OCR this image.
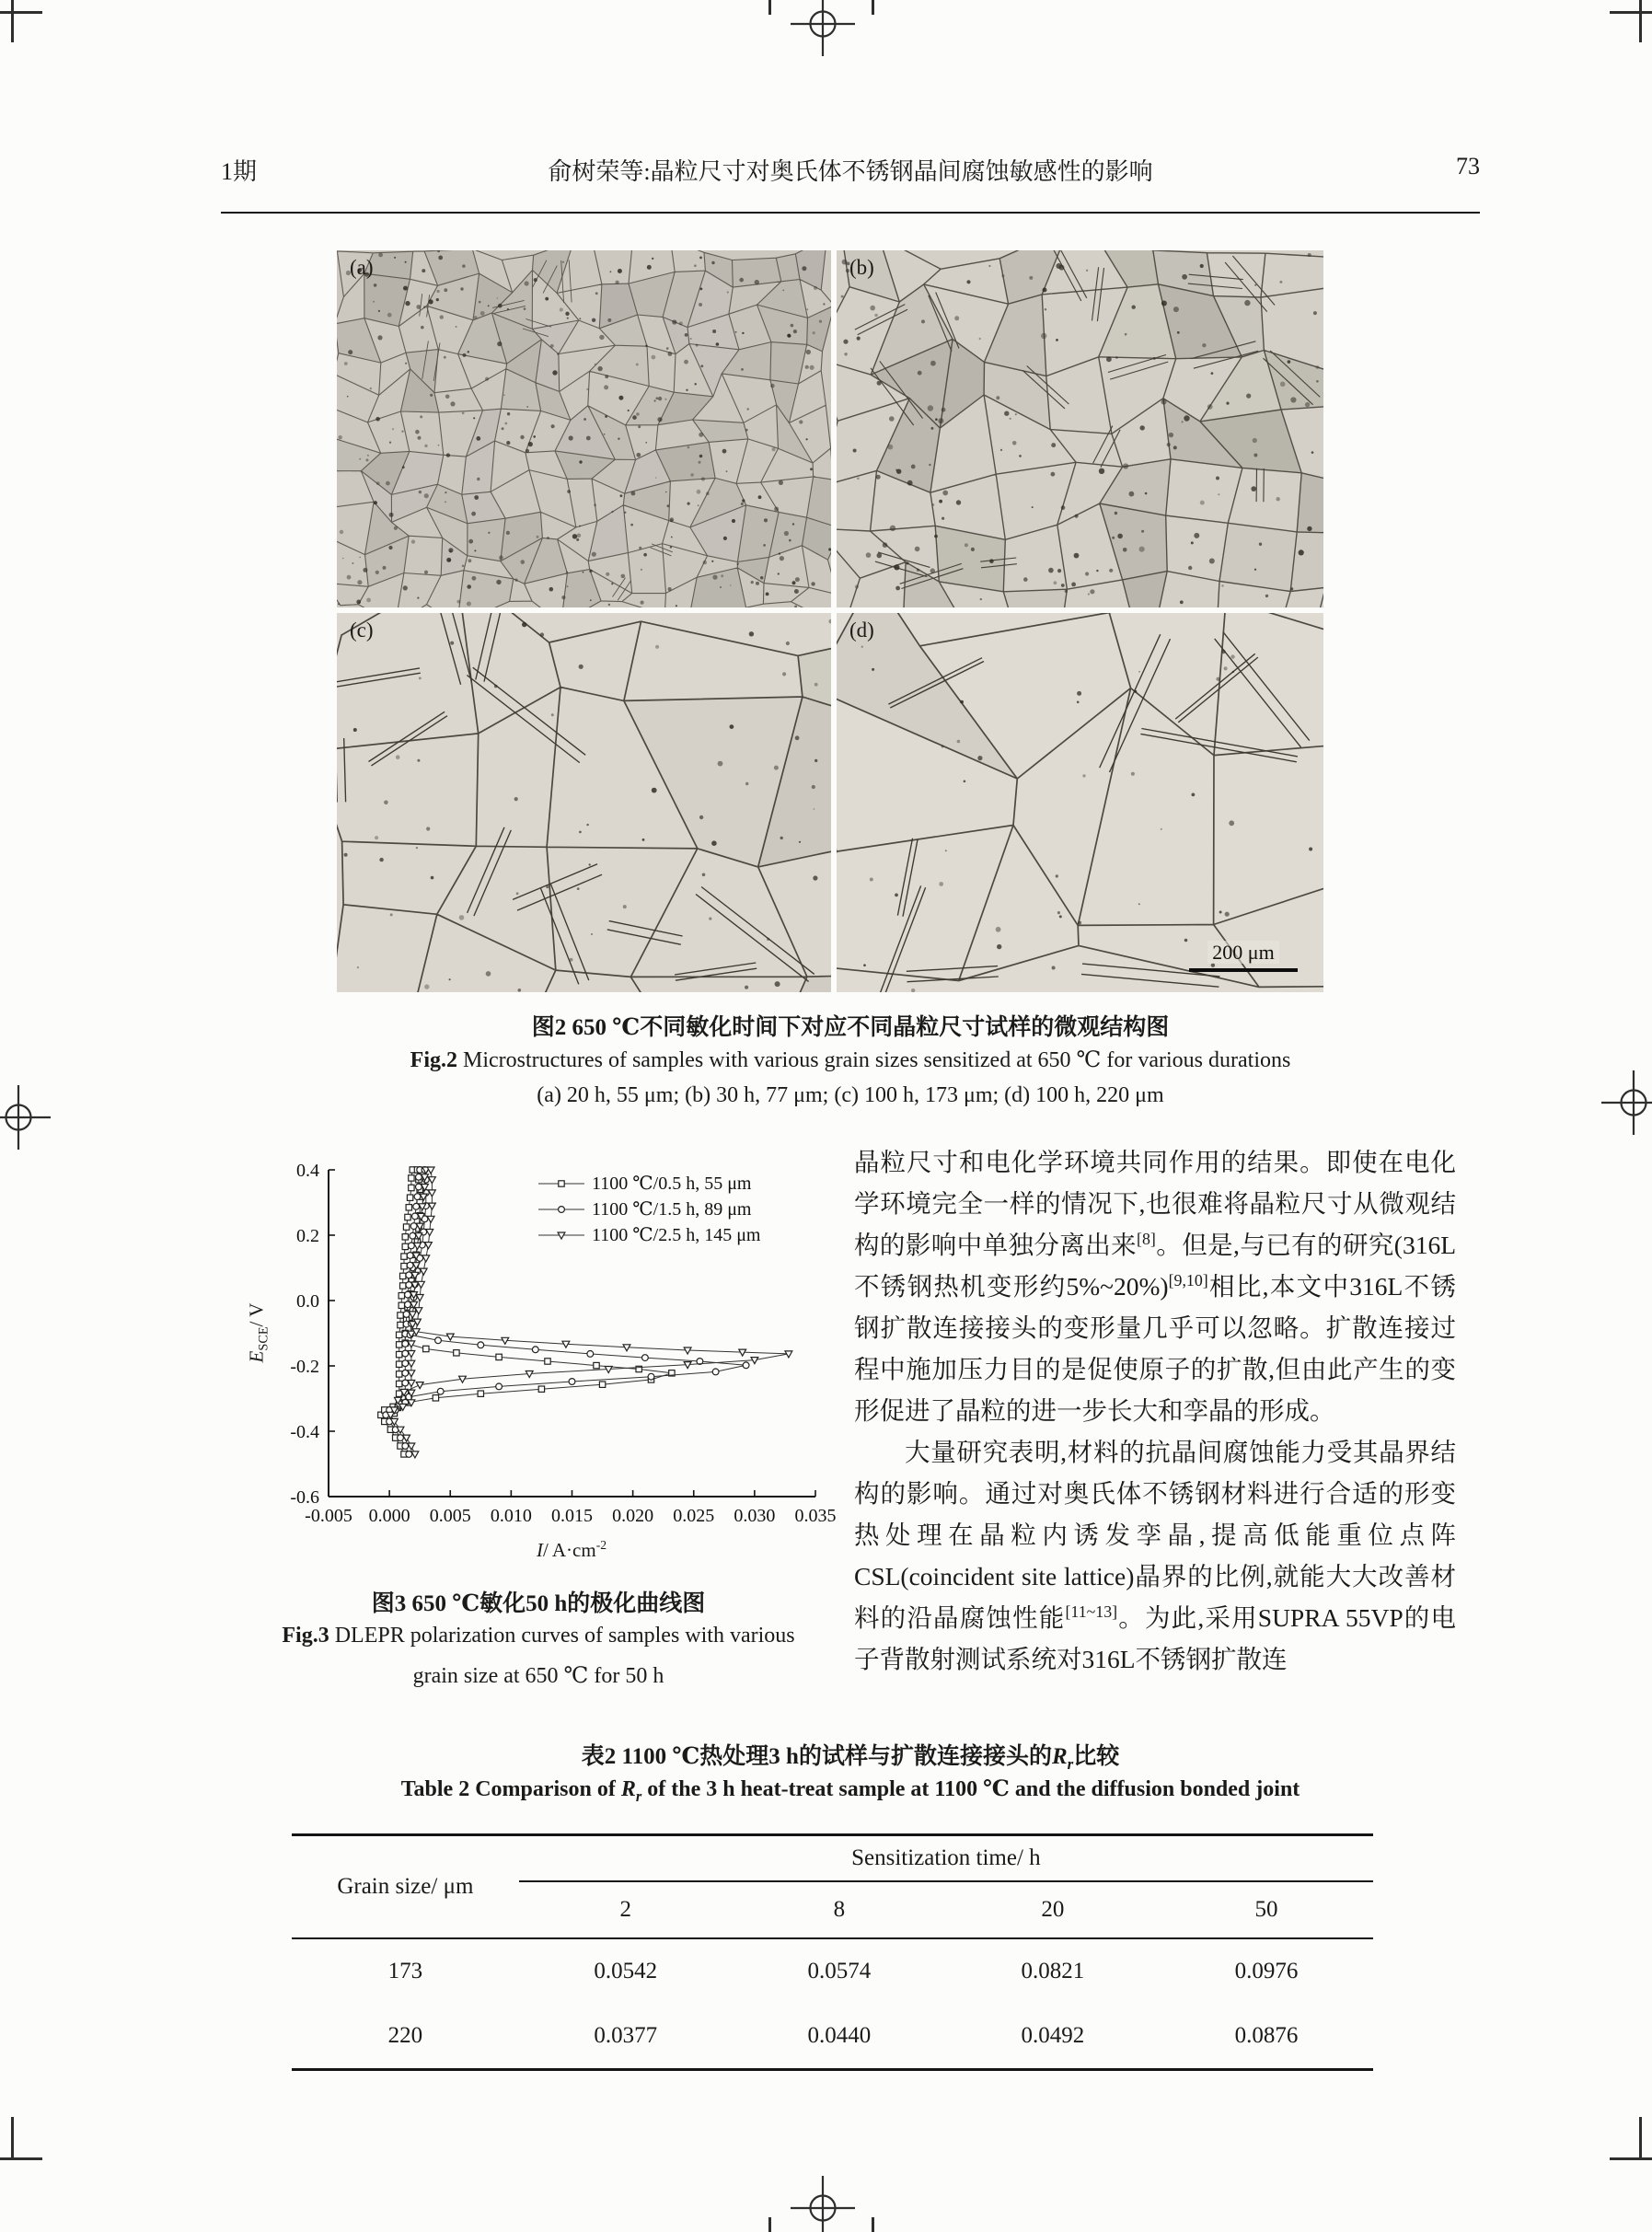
1期	俞树荣等:晶粒尺寸对奥氏体不锈钢晶间腐蚀敏感性的影响	73
(a)	(b)
(c)	(d)
200 μm
图2 650 ℃不同敏化时间下对应不同晶粒尺寸试样的微观结构图
Fig.2 Microstructures of samples with various grain sizes sensitized at 650 ℃ for various durations
(a) 20 h, 55 μm; (b) 30 h, 77 μm; (c) 100 h, 173 μm; (d) 100 h, 220 μm
-0.005 0.000 0.005 0.010 0.015 0.020 0.025 0.030 0.035
-0.6
-0.4
-0.2
0.0
0.2
0.4
1100 ℃/0.5 h, 55 μm
1100 ℃/1.5 h, 89 μm
1100 ℃/2.5 h, 145 μm
$E_{SCE}/$ V
I/ $A\cdot cm^{-2}$
图3 650 ℃敏化50 h的极化曲线图
Fig.3 DLEPR polarization curves of samples with various
grain size at 650 ℃ for 50 h

晶粒尺寸和电化学环境共同作用的结果。即使在电化学环境完全一样的情况下,也很难将晶粒尺寸从微观结构的影响中单独分离出来[8]。但是,与已有的研究(316L不锈钢热机变形约5%~20%)[9,10]相比,本文中316L不锈钢扩散连接接头的变形量几乎可以忽略。扩散连接过程中施加压力目的是促使原子的扩散,但由此产生的变形促进了晶粒的进一步长大和孪晶的形成。

大量研究表明,材料的抗晶间腐蚀能力受其晶界结构的影响。通过对奥氏体不锈钢材料进行合适的形变热处理在晶粒内诱发孪晶,提高低能重位点阵CSL(coincident site lattice)晶界的比例,就能大大改善材料的沿晶腐蚀性能[11~13]。为此,采用SUPRA 55VP的电子背散射测试系统对316L不锈钢扩散连

表2 1100 ℃热处理3 h的试样与扩散连接接头的$R_r$比较
Table 2 Comparison of $R_r$ of the 3 h heat-treat sample at 1100 ℃ and the diffusion bonded joint
Grain size/ μm	Sensitization time/ h			
	2	8	20	50
173	0.0542	0.0574	0.0821	0.0976
220	0.0377	0.0440	0.0492	0.0876
